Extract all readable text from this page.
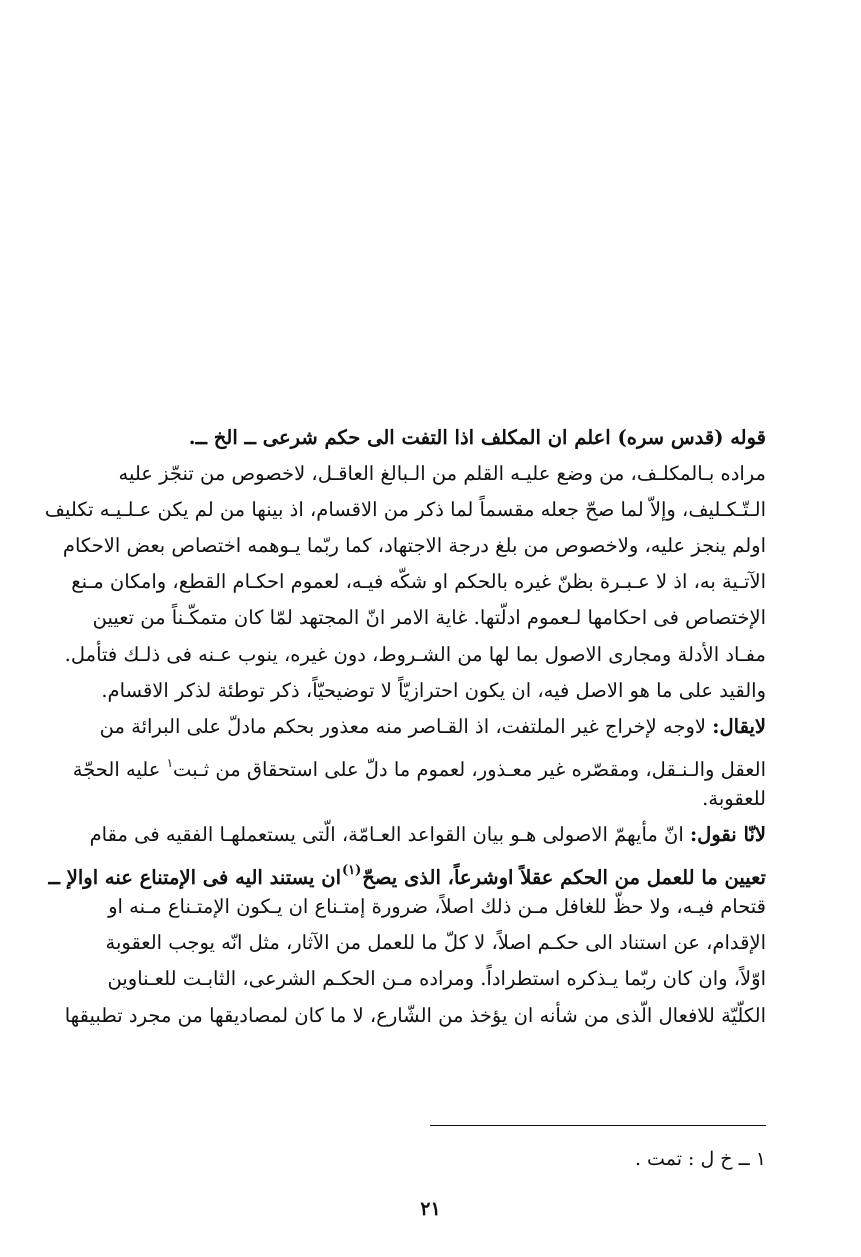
قوله (قدس سره) اعلم ان المكلف اذا التفت الى حكم شرعى ــ الخ ــ.
مراده بـالمكلـف، من وضع عليـه القلم من الـبالغ العاقـل، لاخصوص من تنجّز عليه
الـتّـكـليف، وإلاّ لما صحّ جعله مقسماً لما ذكر من الاقسام، اذ بينها من لم يكن عـلـيـه تكليف
اولم ينجز عليه، ولاخصوص من بلغ درجة الاجتهاد، كما ربّما يـوهمه اختصاص بعض الاحكام
الآتـية به، اذ لا عـبـرة بظنّ غيره بالحكم او شكّه فيـه، لعموم احكـام القطع، وامكان مـنع
الإختصاص فى احكامها لـعموم ادلّتها. غاية الامر انّ المجتهد لمّا كان متمكّـناً من تعيين
مفـاد الأدلة ومجارى الاصول بما لها من الشـروط، دون غيره، ينوب عـنه فى ذلـك فتأمل.
والقيد على ما هو الاصل فيه، ان يكون احترازيّاً لا توضيحيّاً، ذكر توطئة لذكر الاقسام.
لايقال: لاوجه لإخراج غير الملتفت، اذ القـاصر منه معذور بحكم مادلّ على البرائة من
العقل والـنـقل، ومقصّره غير معـذور، لعموم ما دلّ على استحقاق من ثـبت$^١$ عليه الحجّة
للعقوبة.
لانّا نقول: انّ مأيهمّ الاصولى هـو بيان القواعد العـامّة، الّتى يستعملهـا الفقيه فى مقام
تعيين ما للعمل من الحكم عقلاً اوشرعاً، الذى يصحّ$^{(١)}$ان يستند اليه فى الإمتناع عنه اوالإ ــ
قتحام فيـه، ولا حظّ للغافل مـن ذلك اصلاً، ضرورة إمتـناع ان يـكون الإمتـناع مـنه او
الإقدام، عن استناد الى حكـم اصلاً، لا كلّ ما للعمل من الآثار، مثل انّه يوجب العقوبة
اوّلاً، وان كان ربّما يـذكره استطراداً. ومراده مـن الحكـم الشرعى، الثابـت للعـناوين
الكلّيّة للافعال الّذى من شأنه ان يؤخذ من الشّارع، لا ما كان لمصاديقها من مجرد تطبيقها
١ ــ خ ل : تمت .
٢١
